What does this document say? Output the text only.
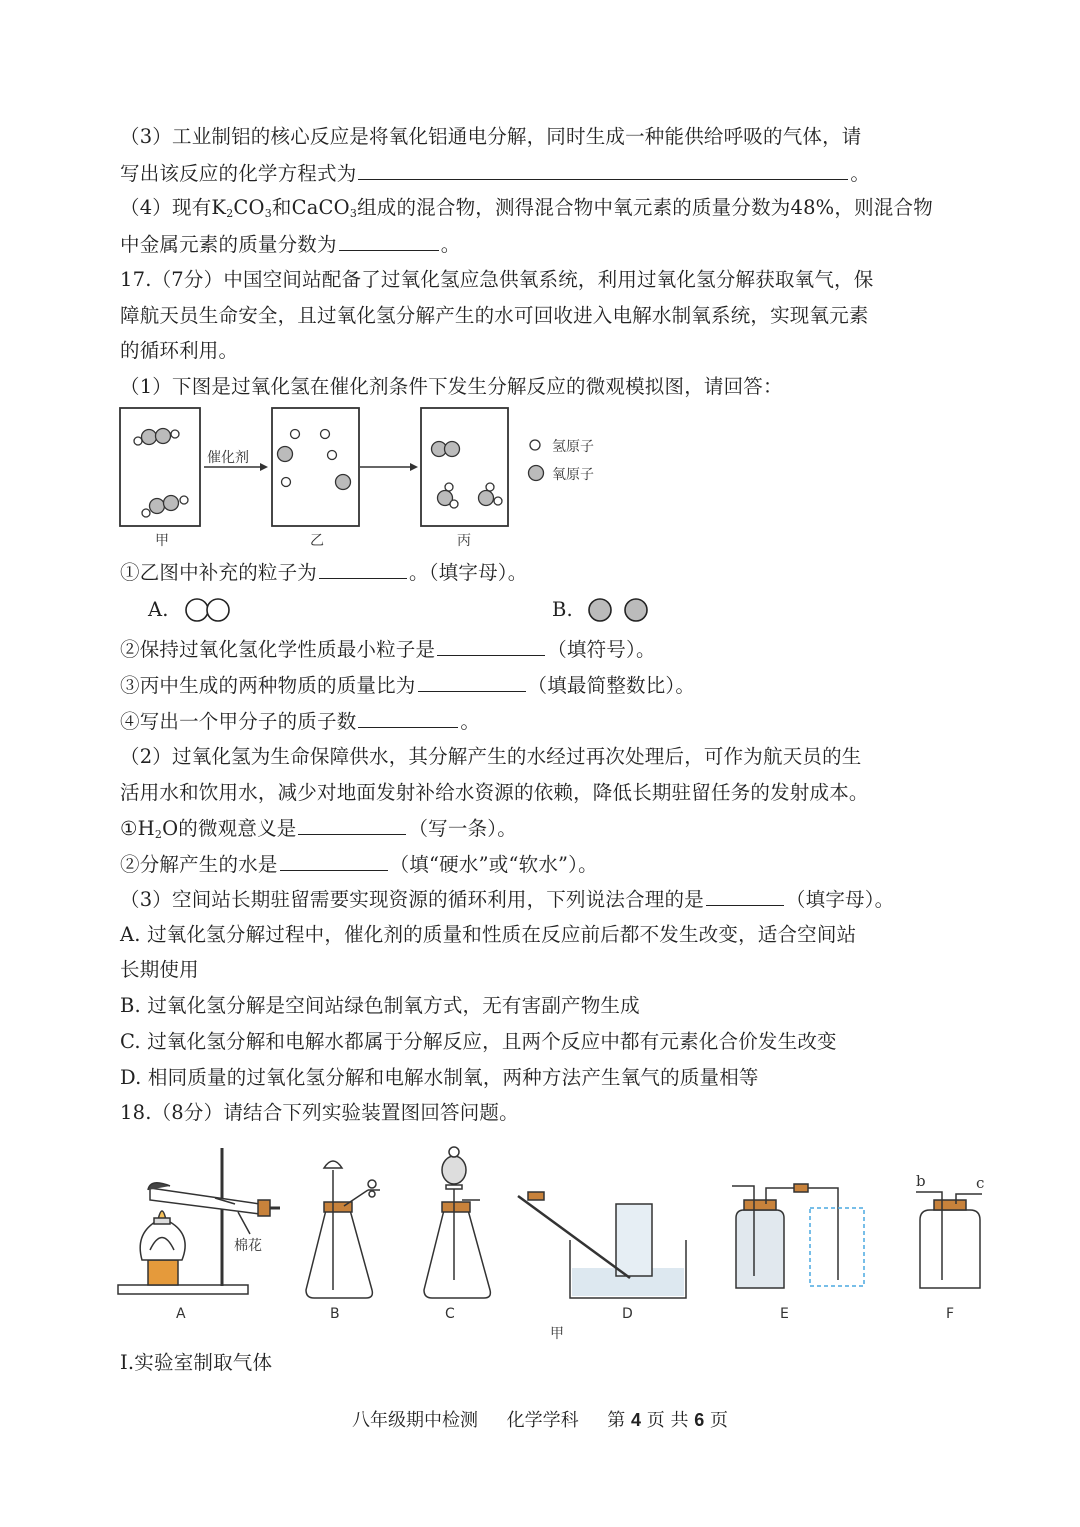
（3）工业制铝的核心反应是将氧化铝通电分解，同时生成一种能供给呼吸的气体，请
写出该反应的化学方程式为	。
（4）现有$K_2CO_3$和CaCO$_3$组成的混合物，测得混合物中氧元素的质量分数为48%，则混合物
中金属元素的质量分数为	。
17.（7分）中国空间站配备了过氧化氢应急供氧系统，利用过氧化氢分解获取氧气，保
障航天员生命安全，且过氧化氢分解产生的水可回收进入电解水制氧系统，实现氧元素
的循环利用。
（1）下图是过氧化氢在催化剂条件下发生分解反应的微观模拟图，请回答：
催化剂
氢原子
氧原子
甲	乙	丙
①乙图中补充的粒子为	。（填字母）。
A.	B.
②保持过氧化氢化学性质最小粒子是	（填符号）。
③丙中生成的两种物质的质量比为	（填最简整数比）。
④写出一个甲分子的质子数	。
（2）过氧化氢为生命保障供水，其分解产生的水经过再次处理后，可作为航天员的生
活用水和饮用水，减少对地面发射补给水资源的依赖，降低长期驻留任务的发射成本。
$①H_2O$的微观意义是	（写一条）。
②分解产生的水是	（填“硬水”或“软水”）。
（3）空间站长期驻留需要实现资源的循环利用，下列说法合理的是	（填字母）。
A. 过氧化氢分解过程中，催化剂的质量和性质在反应前后都不发生改变，适合空间站
长期使用
B. 过氧化氢分解是空间站绿色制氧方式，无有害副产物生成
C. 过氧化氢分解和电解水都属于分解反应，且两个反应中都有元素化合价发生改变
D. 相同质量的过氧化氢分解和电解水制氧，两种方法产生氧气的质量相等
18.（8分）请结合下列实验装置图回答问题。
棉花
b	c
A	B	C	D	E	F
甲
Ⅰ.实验室制取气体
八年级期中检测 化学学科 第 4 页 共 6 页
